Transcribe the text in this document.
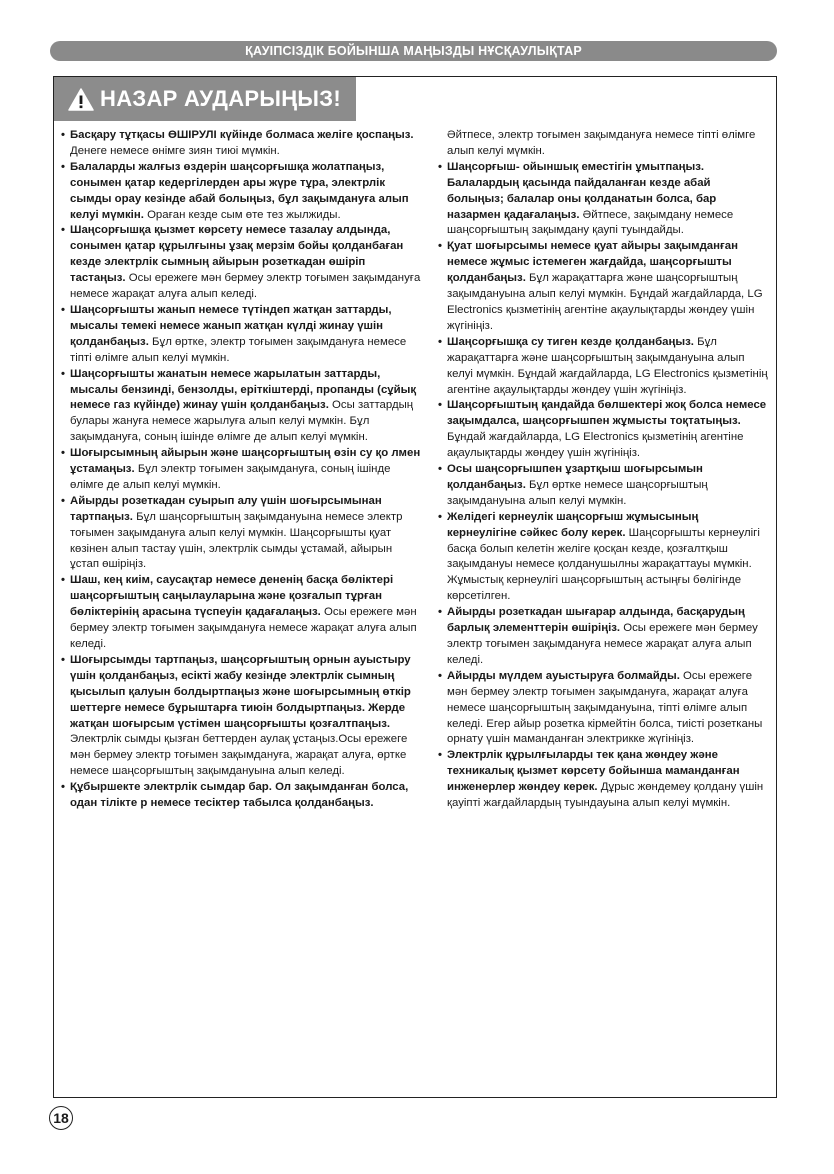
ҚАУІПСІЗДІК БОЙЫНША МАҢЫЗДЫ НҰСҚАУЛЫҚТАР
НАЗАР АУДАРЫҢЫЗ!
• Басқару тұтқасы ӨШІРУЛІ күйінде болмаса желіге қоспаңыз. Денеге немесе өнімге зиян тиюі мүмкін.
• Балаларды жалғыз өздерін шаңсорғышқа жолатпаңыз, сонымен қатар кедергілерден ары жүре тұра, электрлік сымды орау кезінде абай болыңыз, бұл зақымдануға алып келуі мүмкін. Ораған кезде сым өте тез жылжиды.
• Шаңсорғышқа қызмет көрсету немесе тазалау алдында, сонымен қатар құрылғыны ұзақ мерзім бойы қолданбаған кезде электрлік сымның айырын розеткадан өшіріп тастаңыз. Осы ережеге мән бермеу электр тоғымен зақымдануға немесе жарақат алуға алып келеді.
• Шаңсорғышты жанып немесе түтіндеп жатқан заттарды, мысалы темекі немесе жанып жатқан күлді жинау үшін қолданбаңыз. Бұл өртке, электр тоғымен зақымдануға немесе тіпті өлімге алып келуі мүмкін.
• Шаңсорғышты жанатын немесе жарылатын заттарды, мысалы бензинді, бензолды, еріткіштерді, пропанды (сұйық немесе газ күйінде) жинау үшін қолданбаңыз. Осы заттардың булары жануға немесе жарылуға алып келуі мүмкін. Бұл зақымдануға, соның ішінде өлімге де алып келуі мүмкін.
• Шоғырсымның айырын және шаңсорғыштың өзін су қо лмен ұстамаңыз. Бұл электр тоғымен зақымдануға, соның ішінде өлімге де алып келуі мүмкін.
• Айырды розеткадан суырып алу үшін шоғырсымынан тартпаңыз. Бұл шаңсорғыштың зақымдануына немесе электр тоғымен зақымдануға алып келуі мүмкін. Шаңсорғышты қуат көзінен алып тастау үшін, электрлік сымды ұстамай, айырын ұстап өшіріңіз.
• Шаш, кең киім, саусақтар немесе дененің басқа бөліктері шаңсорғыштың саңылауларына және қозғалып тұрған бөліктерінің арасына түспеуін қадағалаңыз. Осы ережеге мән бермеу электр тоғымен зақымдануға немесе жарақат алуға алып келеді.
• Шоғырсымды тартпаңыз, шаңсорғыштың орнын ауыстыру үшін қолданбаңыз, есікті жабу кезінде электрлік сымның қысылып қалуын болдыртпаңыз және шоғырсымның өткір шеттерге немесе бұрыштарға тиюін болдыртпаңыз. Жерде жатқан шоғырсым үстімен шаңсорғышты қозғалтпаңыз. Электрлік сымды қызған беттерден аулақ ұстаңыз.Осы ережеге мән бермеу электр тоғымен зақымдануға, жарақат алуға, өртке немесе шаңсорғыштың зақымдануына алып келеді.
• Құбыршекте электрлік сымдар бар. Ол зақымданған болса, одан тілікте р немесе тесіктер табылса қолданбаңыз.
Әйтпесе, электр тоғымен зақымдануға немесе тіпті өлімге алып келуі мүмкін.
• Шаңсорғыш- ойыншық еместігін ұмытпаңыз. Балалардың қасында пайдаланған кезде абай болыңыз; балалар оны қолданатын болса, бар назармен қадағалаңыз. Әйтпесе, зақымдану немесе шаңсорғыштың зақымдану қаупі туындайды.
• Қуат шоғырсымы немесе қуат айыры зақымданған немесе жұмыс істемеген жағдайда, шаңсорғышты қолданбаңыз. Бұл жарақаттарға және шаңсорғыштың зақымдануына алып келуі мүмкін. Бұндай жағдайларда, LG Electronics қызметінің агентіне ақаулықтарды жөндеу үшін жүгініңіз.
• Шаңсорғышқа су тиген кезде қолданбаңыз. Бұл жарақаттарға және шаңсорғыштың зақымдануына алып келуі мүмкін. Бұндай жағдайларда, LG Electronics қызметінің агентіне ақаулықтарды жөндеу үшін жүгініңіз.
• Шаңсорғыштың қандайда бөлшектері жоқ болса немесе зақымдалса, шаңсорғышпен жұмысты тоқтатыңыз. Бұндай жағдайларда, LG Electronics қызметінің агентіне ақаулықтарды жөндеу үшін жүгініңіз.
• Осы шаңсорғышпен ұзартқыш шоғырсымын қолданбаңыз. Бұл өртке немесе шаңсорғыштың зақымдануына алып келуі мүмкін.
• Желідегі кернеулік шаңсорғыш жұмысының кернеулігіне сәйкес болу керек. Шаңсорғышты кернеулігі басқа болып келетін желіге қосқан кезде, қозғалтқыш зақымдануы немесе қолданушылны жарақаттауы мүмкін. Жұмыстық кернеулігі шаңсорғыштың астыңғы бөлігінде көрсетілген.
• Айырды розеткадан шығарар алдында, басқарудың барлық элементтерін өшіріңіз. Осы ережеге мән бермеу электр тоғымен зақымдануға немесе жарақат алуға алып келеді.
• Айырды мүлдем ауыстыруға болмайды. Осы ережеге мән бермеу электр тоғымен зақымдануға, жарақат алуға немесе шаңсорғыштың зақымдануына, тіпті өлімге алып келеді. Егер айыр розетка кірмейтін болса, тиісті розетканы орнату үшін маманданған электрикке жүгініңіз.
• Электрлік құрылғыларды тек қана жөндеу және техникалық қызмет көрсету бойынша маманданған инженерлер жөндеу керек. Дұрыс жөндемеу қолдану үшін қауіпті жағдайлардың туындауына алып келуі мүмкін.
18
